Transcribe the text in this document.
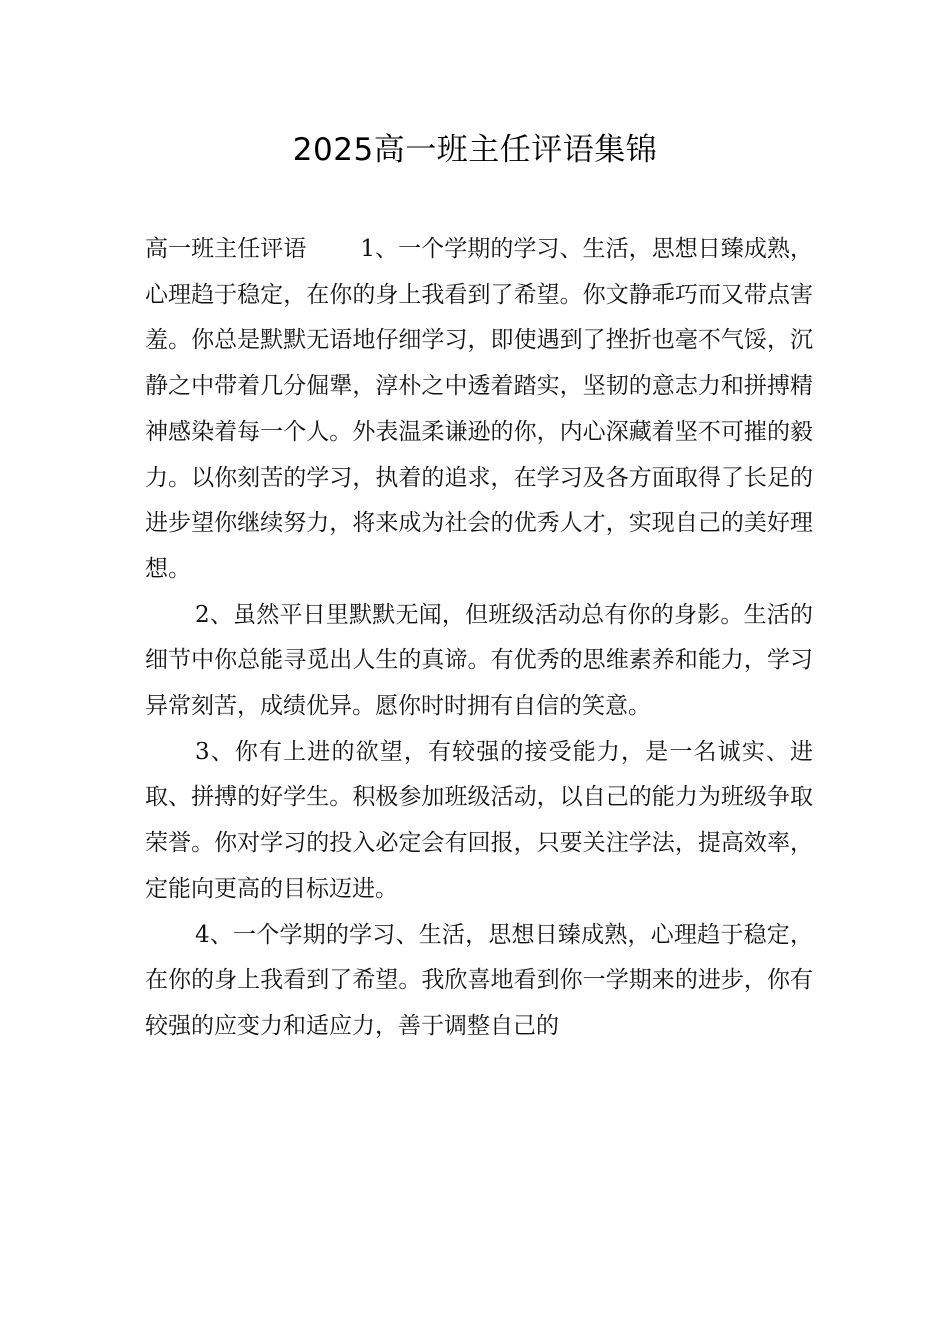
2025高一班主任评语集锦

高一班主任评语 1、一个学期的学习、生活，思想日臻成熟，心理趋于稳定，在你的身上我看到了希望。你文静乖巧而又带点害羞。你总是默默无语地仔细学习，即使遇到了挫折也毫不气馁，沉静之中带着几分倔犟，淳朴之中透着踏实，坚韧的意志力和拼搏精神感染着每一个人。外表温柔谦逊的你，内心深藏着坚不可摧的毅力。以你刻苦的学习，执着的追求，在学习及各方面取得了长足的进步望你继续努力，将来成为社会的优秀人才，实现自己的美好理想。

2、虽然平日里默默无闻，但班级活动总有你的身影。生活的细节中你总能寻觅出人生的真谛。有优秀的思维素养和能力，学习异常刻苦，成绩优异。愿你时时拥有自信的笑意。

3、你有上进的欲望，有较强的接受能力，是一名诚实、进取、拼搏的好学生。积极参加班级活动，以自己的能力为班级争取荣誉。你对学习的投入必定会有回报，只要关注学法，提高效率，定能向更高的目标迈进。

4、一个学期的学习、生活，思想日臻成熟，心理趋于稳定，在你的身上我看到了希望。我欣喜地看到你一学期来的进步，你有较强的应变力和适应力，善于调整自己的
